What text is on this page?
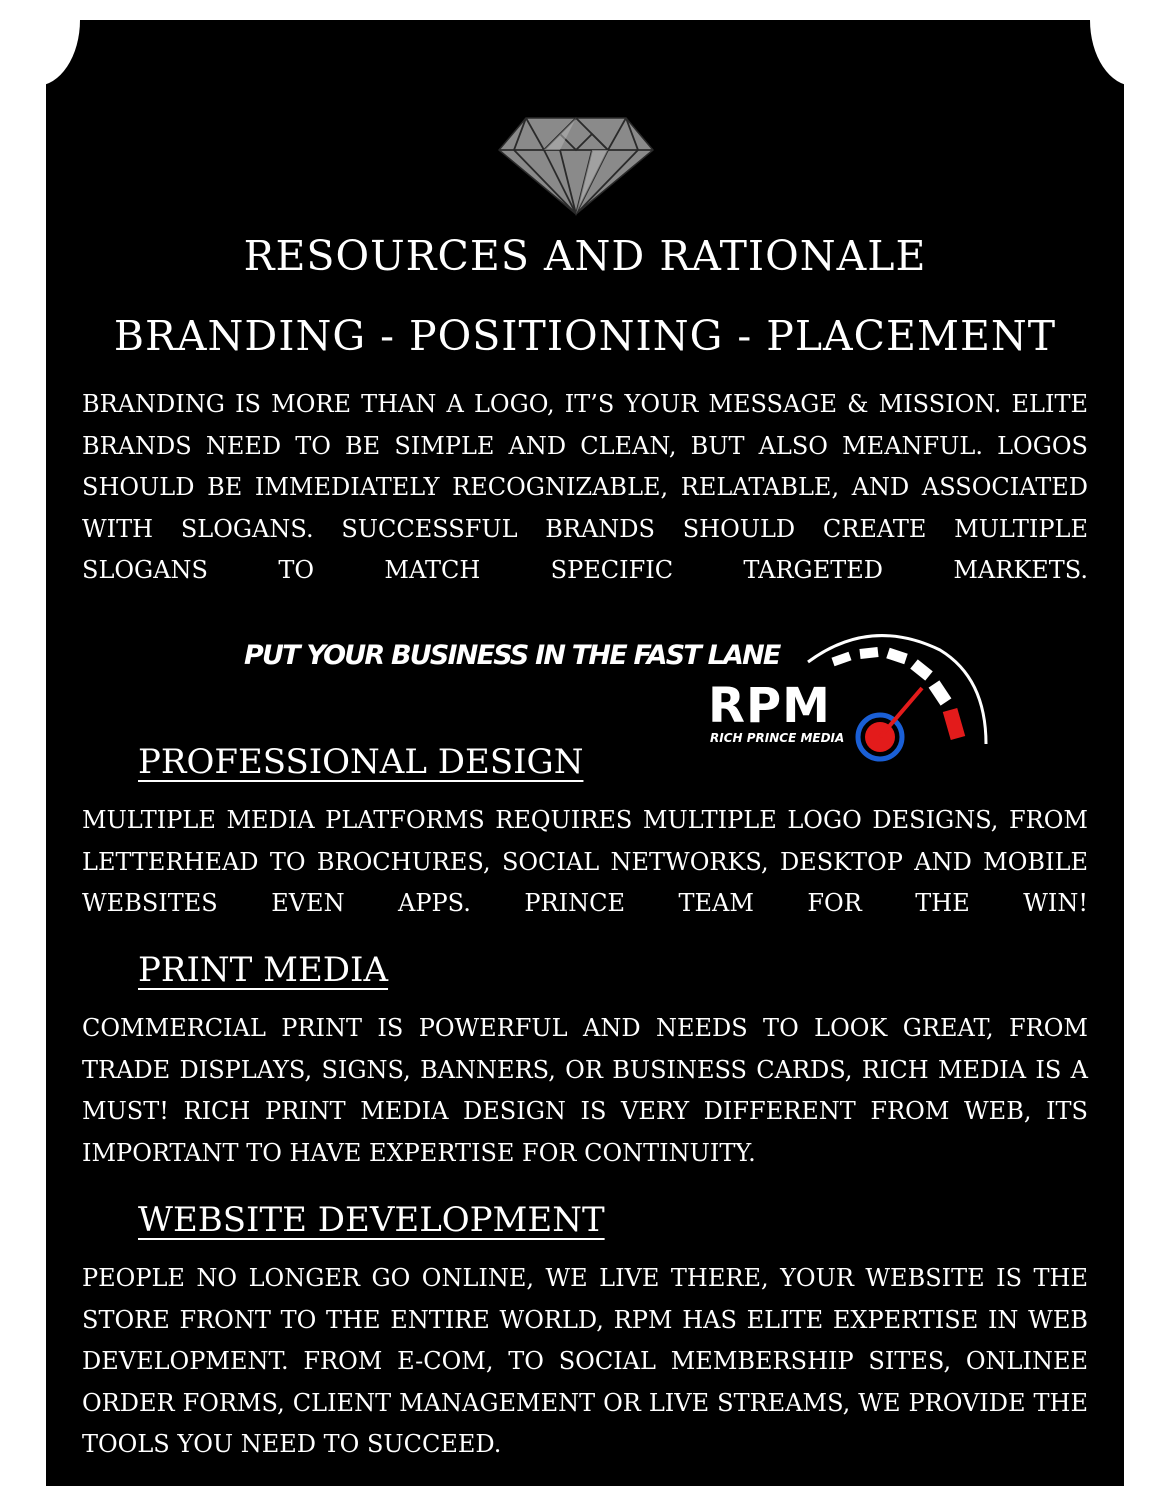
RESOURCES AND RATIONALE
BRANDING - POSITIONING - PLACEMENT

BRANDING IS MORE THAN A LOGO, IT’S YOUR MESSAGE & MISSION. ELITE BRANDS NEED TO BE SIMPLE AND CLEAN, BUT ALSO MEANFUL. LOGOS SHOULD BE IMMEDIATELY RECOGNIZABLE, RELATABLE, AND ASSOCIATED WITH SLOGANS. SUCCESSFUL BRANDS SHOULD CREATE MULTIPLE SLOGANS TO MATCH SPECIFIC TARGETED MARKETS.

PUT YOUR BUSINESS IN THE FAST LANE
RPM
RICH PRINCE MEDIA
PROFESSIONAL DESIGN

MULTIPLE MEDIA PLATFORMS REQUIRES MULTIPLE LOGO DESIGNS, FROM LETTERHEAD TO BROCHURES, SOCIAL NETWORKS, DESKTOP AND MOBILE WEBSITES EVEN APPS. PRINCE TEAM FOR THE WIN!

PRINT MEDIA

COMMERCIAL PRINT IS POWERFUL AND NEEDS TO LOOK GREAT, FROM TRADE DISPLAYS, SIGNS, BANNERS, OR BUSINESS CARDS, RICH MEDIA IS A MUST! RICH PRINT MEDIA DESIGN IS VERY DIFFERENT FROM WEB, ITS IMPORTANT TO HAVE EXPERTISE FOR CONTINUITY.

WEBSITE DEVELOPMENT

PEOPLE NO LONGER GO ONLINE, WE LIVE THERE, YOUR WEBSITE IS THE STORE FRONT TO THE ENTIRE WORLD, RPM HAS ELITE EXPERTISE IN WEB DEVELOPMENT. FROM E-COM, TO SOCIAL MEMBERSHIP SITES, ONLINEE ORDER FORMS, CLIENT MANAGEMENT OR LIVE STREAMS, WE PROVIDE THE TOOLS YOU NEED TO SUCCEED.
